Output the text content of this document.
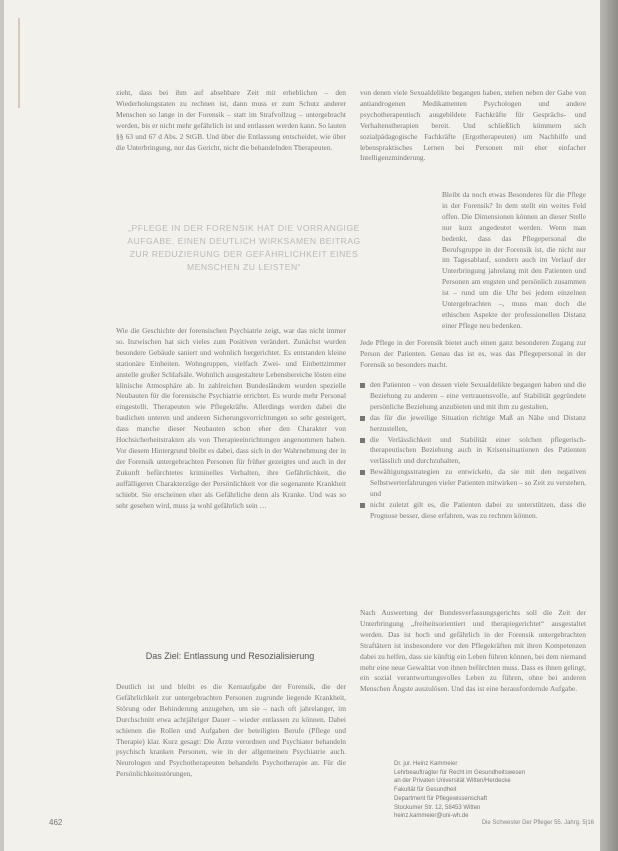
zieht, dass bei ihm auf absehbare Zeit mit erheblichen – den Wiederholungstaten zu rechnen ist, dann muss er zum Schutz anderer Menschen so lange in der Forensik – statt im Strafvollzug – untergebracht werden, bis er nicht mehr gefährlich ist und entlassen werden kann. So lauten §§ 63 und 67 d Abs. 2 StGB. Und über die Entlassung entscheidet, wie über die Unterbringung, nur das Gericht, nicht die behandelnden Therapeuten.

„PFLEGE IN DER FORENSIK HAT DIE VORRANGIGE AUFGABE, EINEN DEUTLICH WIRKSAMEN BEITRAG ZUR REDUZIERUNG DER GEFÄHRLICHKEIT EINES MENSCHEN ZU LEISTEN“

Wie die Geschichte der forensischen Psychiatrie zeigt, war das nicht immer so. Inzwischen hat sich vieles zum Positiven verändert. Zunächst wurden besondere Gebäude saniert und wohnlich hergerichtet. Es entstanden kleine stationäre Einheiten. Wohngruppen, vielfach Zwei- und Einbettzimmer anstelle großer Schlafsäle. Wohnlich ausgestaltete Lebensbereiche lösten eine klinische Atmosphäre ab. In zahlreichen Bundesländern wurden spezielle Neubauten für die forensische Psychiatrie errichtet. Es wurde mehr Personal eingestellt. Therapeuten wie Pflegekräfte. Allerdings werden dabei die baulichen unteren und anderen Sicherungsvorrichtungen so sehr gesteigert, dass manche dieser Neubauten schon eher den Charakter von Hochsicherheitstrakten als von Therapieeinrichtungen angenommen haben. Vor diesem Hintergrund bleibt es dabei, dass sich in der Wahrnehmung der in der Forensik untergebrachten Personen für früher gezeigtes und auch in der Zukunft befürchtetes kriminelles Verhalten, ihre Gefährlichkeit, die auffälligeren Charakterzüge der Persönlichkeit vor die sogenannte Krankheit schiebt. Sie erscheinen eher als Gefährliche denn als Kranke. Und was so sehr gesehen wird, muss ja wohl gefährlich sein …

Das Ziel: Entlassung und Resozialisierung

Deutlich ist und bleibt es die Kernaufgabe der Forensik, die der Gefährlichkeit zur untergebrachten Personen zugrunde liegende Krankheit, Störung oder Behinderung anzugehen, um sie – nach oft jahrelanger, im Durchschnitt etwa achtjähriger Dauer – wieder entlassen zu können. Dabei schienen die Rollen und Aufgaben der beteiligten Berufe (Pflege und Therapie) klar. Kurz gesagt: Die Ärzte verordnen und Psychiater behandeln psychisch kranken Personen, wie in der allgemeinen Psychiatrie auch. Neurologen und Psychotherapeuten behandeln Psychotherapie an. Für die Persönlichkeitsstörungen,

von denen viele Sexualdelikte begangen haben, stehen neben der Gabe von antiandrogenen Medikamenten Psychologen und andere psychotherapeutisch ausgebildete Fachkräfte für Gesprächs- und Verhaltenstherapien bereit. Und schließlich kümmern sich sozialpädagogische Fachkräfte (Ergotherapeuten) um Nachhilfe und lebenspraktisches Lernen bei Personen mit eher einfacher Intelligenzminderung.

Bleibt da noch etwas Besonderes für die Pflege in der Forensik? In dem stellt ein weites Feld offen. Die Dimensionen können an dieser Stelle nur kurz angedeutet werden. Wenn man bedenkt, dass das Pflegepersonal die Berufsgruppe in der Forensik ist, die nicht nur im Tagesablauf, sondern auch im Verlauf der Unterbringung jahrelang mit den Patienten und Personen am engsten und persönlich zusammen ist – rund um die Uhr bei jedem einzelnen Untergebrachten –, muss man doch die ethischen Aspekte der professionellen Distanz einer Pflege neu bedenken.

Jede Pflege in der Forensik bietet auch einen ganz besonderen Zugang zur Person der Patienten. Genau das ist es, was das Pflegepersonal in der Forensik so besonders macht.

den Patienten – von dessen viele Sexualdelikte begangen haben und die Beziehung zu anderen – eine vertrauensvolle, auf Stabilität gegründete persönliche Beziehung anzubieten und mit ihm zu gestalten,
das für die jeweilige Situation richtige Maß an Nähe und Distanz herzustellen,
die Verlässlichkeit und Stabilität einer solchen pflegerisch-therapeutischen Beziehung auch in Krisensituationen des Patienten verlässlich und durchzuhalten,
Bewältigungsstrategien zu entwickeln, da sie mit den negativen Selbstwerterfahrungen vieler Patienten mitwirken – so Zeit zu verstehen, und
nicht zuletzt gilt es, die Patienten dabei zu unterstützen, dass die Prognose besser, diese erfahren, was zu rechnen können.

Nach Auswertung der Bundesverfassungsgerichts soll die Zeit der Unterbringung „freiheitsorientiert und therapiegerichtet“ ausgestaltet werden. Das ist hoch und gefährlich in der Forensik untergebrachten Straftätern ist insbesondere vor den Pflegekräften mit ihren Kompetenzen dabei zu helfen, dass sie künftig ein Leben führen können, bei dem niemand mehr eine neue Gewalttat von ihnen befürchten muss. Dass es ihnen gelingt, ein sozial verantwortungsvolles Leben zu führen, ohne bei anderen Menschen Ängste auszulösen. Und das ist eine herausfordernde Aufgabe.

Dr. jur. Heinz Kammeier
Lehrbeauftragter für Recht im Gesundheitswesen
an der Privaten Universität Witten/Herdecke
Fakultät für Gesundheit
Department für Pflegewissenschaft
Stockumer Str. 12, 58453 Witten
heinz.kammeier@uni-wh.de
462	Die Schwester Der Pfleger 55. Jahrg. 5|16
